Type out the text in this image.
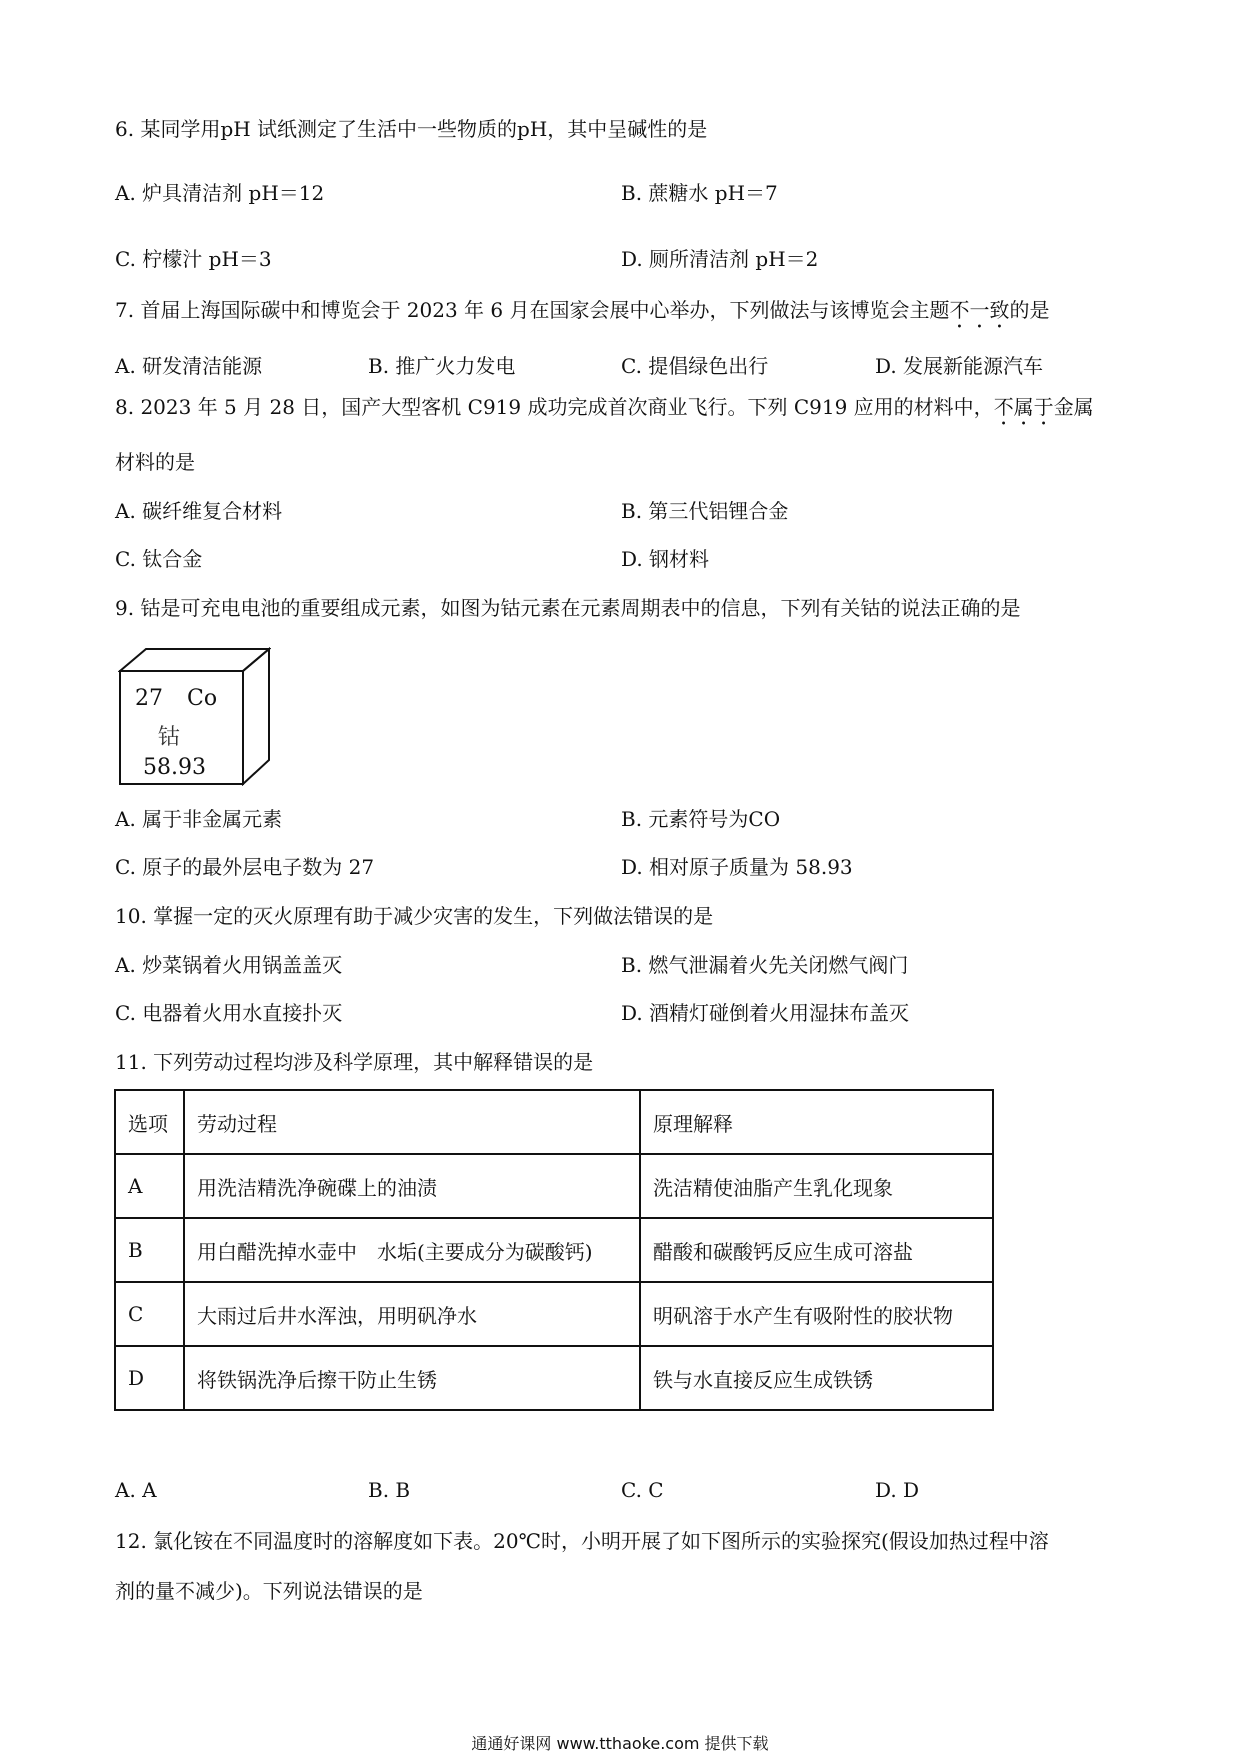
6. 某同学用pH 试纸测定了生活中一些物质的pH，其中呈碱性的是
A. 炉具清洁剂 pH＝12	B. 蔗糖水 pH＝7
C. 柠檬汁 pH＝3	D. 厕所清洁剂 pH＝2
7. 首届上海国际碳中和博览会于 2023 年 6 月在国家会展中心举办，下列做法与该博览会主题不一致的是
A. 研发清洁能源	B. 推广火力发电	C. 提倡绿色出行	D. 发展新能源汽车
8. 2023 年 5 月 28 日，国产大型客机 C919 成功完成首次商业飞行。下列 C919 应用的材料中，不属于金属
材料的是
A. 碳纤维复合材料	B. 第三代铝锂合金
C. 钛合金	D. 钢材料
9. 钴是可充电电池的重要组成元素，如图为钴元素在元素周期表中的信息，下列有关钴的说法正确的是
27 Co
钴
58.93
A. 属于非金属元素	B. 元素符号为CO
C. 原子的最外层电子数为 27	D. 相对原子质量为 58.93
10. 掌握一定的灭火原理有助于减少灾害的发生，下列做法错误的是
A. 炒菜锅着火用锅盖盖灭	B. 燃气泄漏着火先关闭燃气阀门
C. 电器着火用水直接扑灭	D. 酒精灯碰倒着火用湿抹布盖灭
11. 下列劳动过程均涉及科学原理，其中解释错误的是
选项	劳动过程	原理解释
A	用洗洁精洗净碗碟上的油渍	洗洁精使油脂产生乳化现象
B	用白醋洗掉水壶中　水垢(主要成分为碳酸钙)	醋酸和碳酸钙反应生成可溶盐
C	大雨过后井水浑浊，用明矾净水	明矾溶于水产生有吸附性的胶状物
D	将铁锅洗净后擦干防止生锈	铁与水直接反应生成铁锈
A. A	B. B	C. C	D. D
12. 氯化铵在不同温度时的溶解度如下表。20℃时，小明开展了如下图所示的实验探究(假设加热过程中溶
剂的量不减少)。下列说法错误的是
通通好课网 www.tthaoke.com 提供下载
